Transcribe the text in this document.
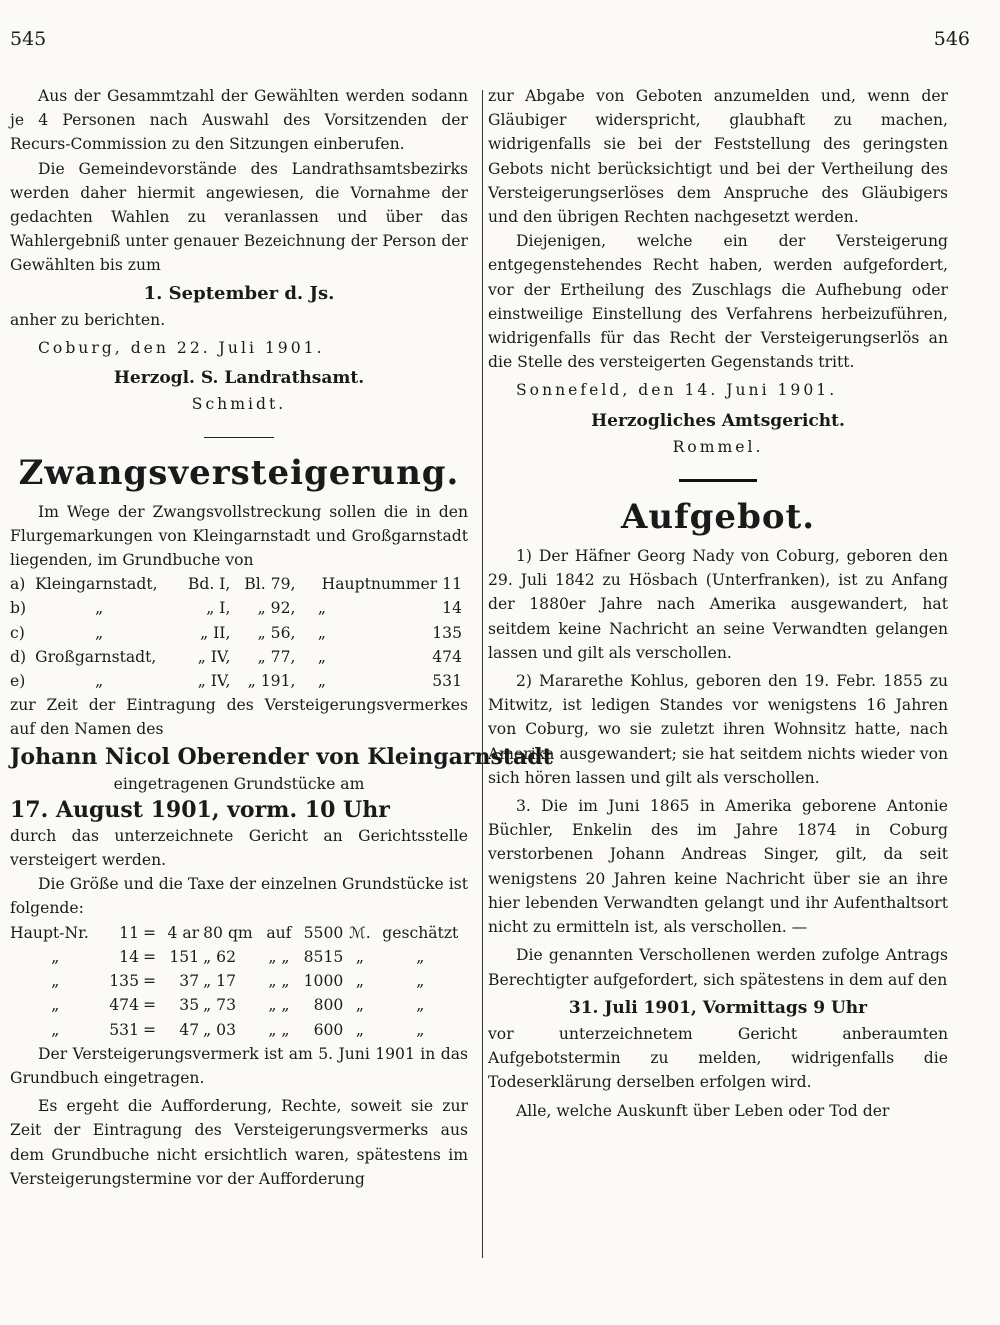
545	546

Aus der Gesammtzahl der Gewählten werden sodann je 4 Personen nach Auswahl des Vorsitzenden der Recurs-Commission zu den Sitzungen einberufen.

Die Gemeindevorstände des Landrathsamtsbezirks werden daher hiermit angewiesen, die Vornahme der gedachten Wahlen zu veranlassen und über das Wahlergebniß unter genauer Bezeichnung der Person der Gewählten bis zum

1. September d. Js.

anher zu berichten.

Coburg, den 22. Juli 1901.

Herzogl. S. Landrathsamt.
Schmidt.
Zwangsversteigerung.

Im Wege der Zwangsvollstreckung sollen die in den Flurgemarkungen von Kleingarnstadt und Großgarnstadt liegenden, im Grundbuche von

a)	Kleingarnstadt,	Bd. I,	Bl. 79,	Hauptnummer 11	
b)	„	„ I,	„ 92,	„	14
c)	„	„ II,	„ 56,	„	135
d)	Großgarnstadt,	„ IV,	„ 77,	„	474
e)	„	„ IV,	„ 191,	„	531

zur Zeit der Eintragung des Versteigerungsvermerkes auf den Namen des

Johann Nicol Oberender von Kleingarnstadt
eingetragenen Grundstücke am
17. August 1901, vorm. 10 Uhr

durch das unterzeichnete Gericht an Gerichtsstelle versteigert werden.

Die Größe und die Taxe der einzelnen Grundstücke ist folgende:

Haupt-Nr.	11	=	4 ar	80 qm	auf	5500	ℳ.	geschätzt
„	14	=	151	„ 62	„ „	8515	„	„
„	135	=	37	„ 17	„ „	1000	„	„
„	474	=	35	„ 73	„ „	800	„	„
„	531	=	47	„ 03	„ „	600	„	„

Der Versteigerungsvermerk ist am 5. Juni 1901 in das Grundbuch eingetragen.

Es ergeht die Aufforderung, Rechte, soweit sie zur Zeit der Eintragung des Versteigerungsvermerks aus dem Grundbuche nicht ersichtlich waren, spätestens im Versteigerungstermine vor der Aufforderung

zur Abgabe von Geboten anzumelden und, wenn der Gläubiger widerspricht, glaubhaft zu machen, widrigenfalls sie bei der Feststellung des geringsten Gebots nicht berücksichtigt und bei der Vertheilung des Versteigerungserlöses dem Anspruche des Gläubigers und den übrigen Rechten nachgesetzt werden.

Diejenigen, welche ein der Versteigerung entgegenstehendes Recht haben, werden aufgefordert, vor der Ertheilung des Zuschlags die Aufhebung oder einstweilige Einstellung des Verfahrens herbeizuführen, widrigenfalls für das Recht der Versteigerungserlös an die Stelle des versteigerten Gegenstands tritt.

Sonnefeld, den 14. Juni 1901.

Herzogliches Amtsgericht.
Rommel.
Aufgebot.

1) Der Häfner Georg Nady von Coburg, geboren den 29. Juli 1842 zu Hösbach (Unterfranken), ist zu Anfang der 1880er Jahre nach Amerika ausgewandert, hat seitdem keine Nachricht an seine Verwandten gelangen lassen und gilt als verschollen.

2) Mararethe Kohlus, geboren den 19. Febr. 1855 zu Mitwitz, ist ledigen Standes vor wenigstens 16 Jahren von Coburg, wo sie zuletzt ihren Wohnsitz hatte, nach Amerika ausgewandert; sie hat seitdem nichts wieder von sich hören lassen und gilt als verschollen.

3. Die im Juni 1865 in Amerika geborene Antonie Büchler, Enkelin des im Jahre 1874 in Coburg verstorbenen Johann Andreas Singer, gilt, da seit wenigstens 20 Jahren keine Nachricht über sie an ihre hier lebenden Verwandten gelangt und ihr Aufenthaltsort nicht zu ermitteln ist, als verschollen. —

Die genannten Verschollenen werden zufolge Antrags Berechtigter aufgefordert, sich spätestens in dem auf den

31. Juli 1901, Vormittags 9 Uhr

vor unterzeichnetem Gericht anberaumten Aufgebotstermin zu melden, widrigenfalls die Todeserklärung derselben erfolgen wird.

Alle, welche Auskunft über Leben oder Tod der
